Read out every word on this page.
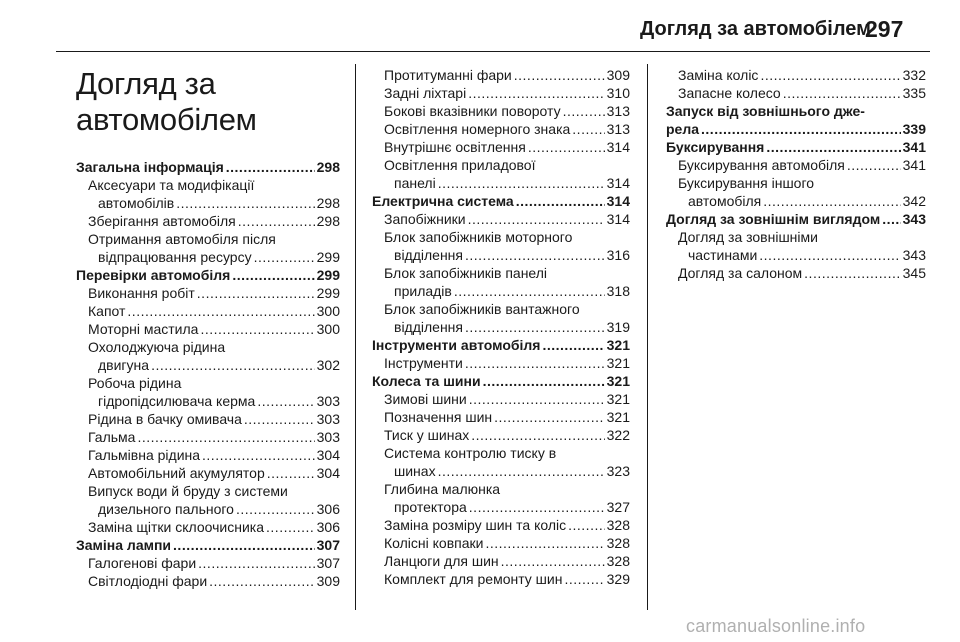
Догляд за автомобілем
297
Догляд за
автомобілем
Загальна інформація .....	298
Аксесуари та модифікації
автомобілів .....	298
Зберігання автомобіля .....	298
Отримання автомобіля після
відпрацювання ресурсу .....	299
Перевірки автомобіля .....	299
Виконання робіт .....	299
Капот .....	300
Моторні мастила .....	300
Охолоджуюча рідина
двигуна .....	302
Робоча рідина
гідропідсилювача керма .....	303
Рідина в бачку омивача .....	303
Гальма .....	303
Гальмівна рідина .....	304
Автомобільний акумулятор .....	304
Випуск води й бруду з системи
дизельного пального .....	306
Заміна щітки склоочисника .....	306
Заміна лампи .....	307
Галогенові фари .....	307
Світлодіодні фари .....	309
Протитуманні фари .....	309
Задні ліхтарі .....	310
Бокові вказівники повороту .....	313
Освітлення номерного знака .....	313
Внутрішнє освітлення .....	314
Освітлення приладової
панелі .....	314
Електрична система .....	314
Запобіжники .....	314
Блок запобіжників моторного
відділення .....	316
Блок запобіжників панелі
приладів .....	318
Блок запобіжників вантажного
відділення .....	319
Інструменти автомобіля .....	321
Інструменти .....	321
Колеса та шини .....	321
Зимові шини .....	321
Позначення шин .....	321
Тиск у шинах .....	322
Система контролю тиску в
шинах .....	323
Глибина малюнка
протектора .....	327
Заміна розміру шин та коліс .....	328
Колісні ковпаки .....	328
Ланцюги для шин .....	328
Комплект для ремонту шин .....	329
Заміна коліс .....	332
Запасне колесо .....	335
Запуск від зовнішнього дже-
рела .....	339
Буксирування .....	341
Буксирування автомобіля .....	341
Буксирування іншого
автомобіля .....	342
Догляд за зовнішнім виглядом ..... 343
Догляд за зовнішніми
частинами .....	343
Догляд за салоном .....	345
carmanualsonline.info
